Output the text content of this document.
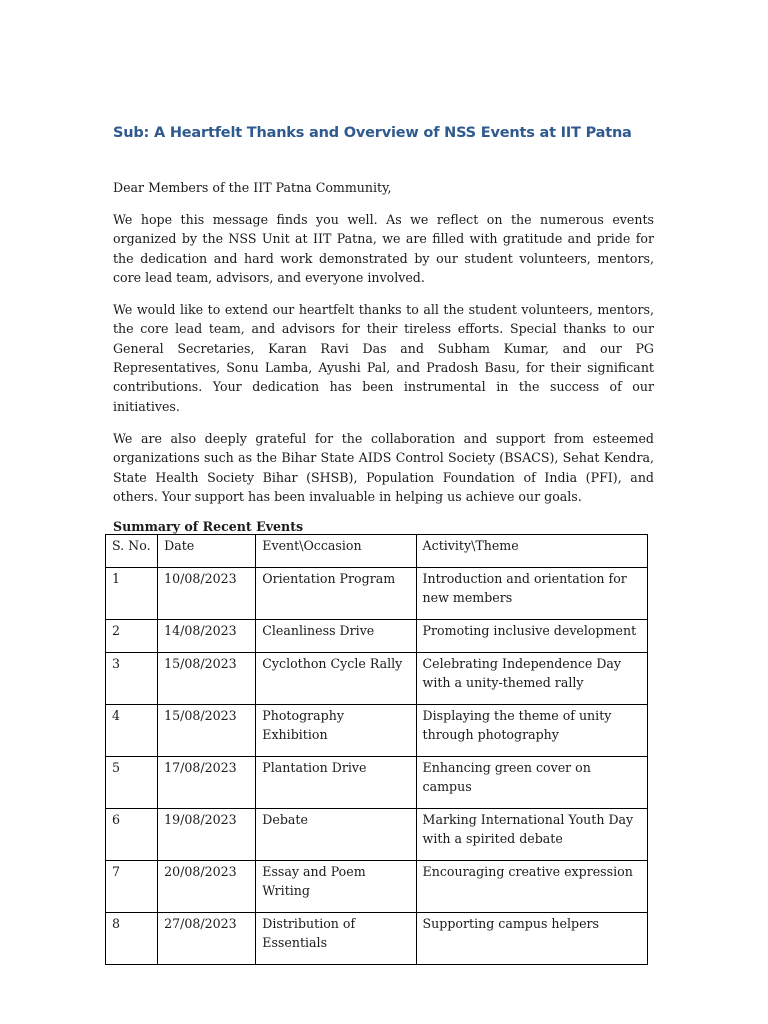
Sub: A Heartfelt Thanks and Overview of NSS Events at IIT Patna

Dear Members of the IIT Patna Community,

We hope this message finds you well. As we reflect on the numerous events organized by the NSS Unit at IIT Patna, we are filled with gratitude and pride for the dedication and hard work demonstrated by our student volunteers, mentors, core lead team, advisors, and everyone involved.

We would like to extend our heartfelt thanks to all the student volunteers, mentors, the core lead team, and advisors for their tireless efforts. Special thanks to our General Secretaries, Karan Ravi Das and Subham Kumar, and our PG Representatives, Sonu Lamba, Ayushi Pal, and Pradosh Basu, for their significant contributions. Your dedication has been instrumental in the success of our initiatives.

We are also deeply grateful for the collaboration and support from esteemed organizations such as the Bihar State AIDS Control Society (BSACS), Sehat Kendra, State Health Society Bihar (SHSB), Population Foundation of India (PFI), and others. Your support has been invaluable in helping us achieve our goals.

Summary of Recent Events
S. No.	Date	Event\Occasion	Activity\Theme
1	10/08/2023	Orientation Program	Introduction and orientation for new members
2	14/08/2023	Cleanliness Drive	Promoting inclusive development
3	15/08/2023	Cyclothon Cycle Rally	Celebrating Independence Day with a unity-themed rally
4	15/08/2023	Photography Exhibition	Displaying the theme of unity through photography
5	17/08/2023	Plantation Drive	Enhancing green cover on campus
6	19/08/2023	Debate	Marking International Youth Day with a spirited debate
7	20/08/2023	Essay and Poem Writing	Encouraging creative expression
8	27/08/2023	Distribution of Essentials	Supporting campus helpers
